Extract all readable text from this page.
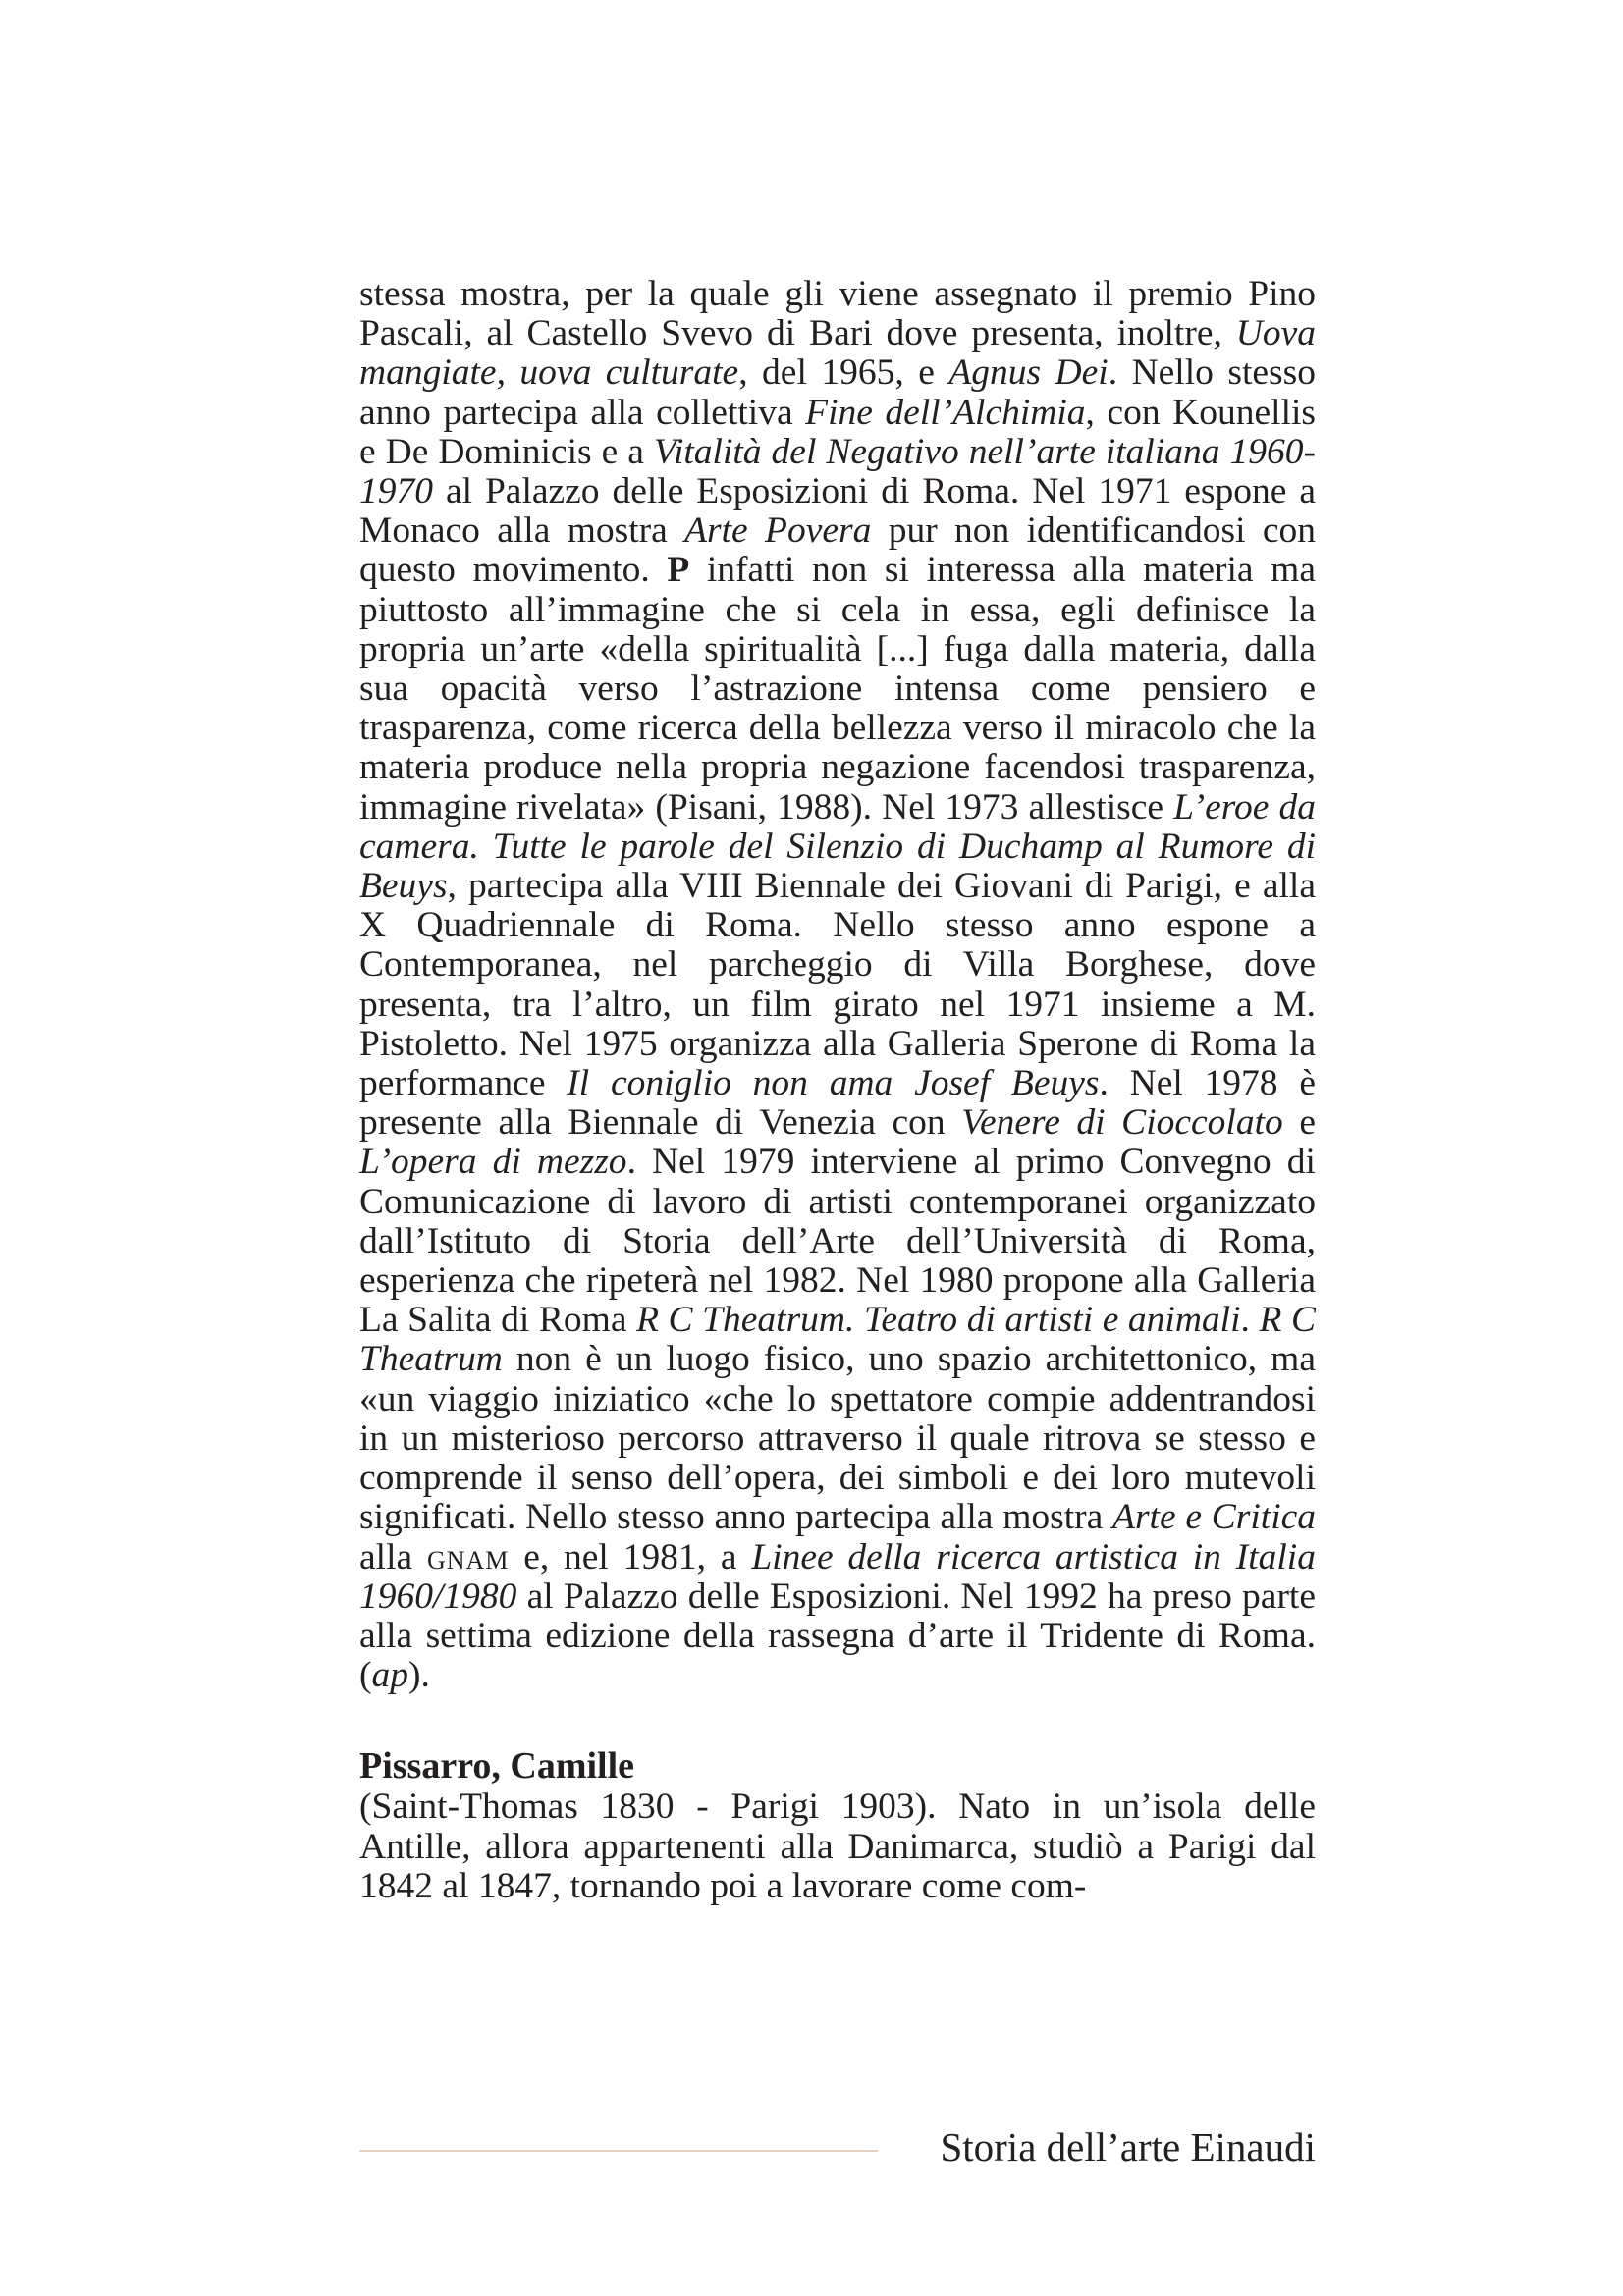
stessa mostra, per la quale gli viene assegnato il premio Pino Pascali, al Castello Svevo di Bari dove presenta, inoltre, Uova mangiate, uova culturate, del 1965, e Agnus Dei. Nello stesso anno partecipa alla collettiva Fine dell’Alchimia, con Kounellis e De Dominicis e a Vitalità del Negativo nell’arte italiana 1960-1970 al Palazzo delle Esposizioni di Roma. Nel 1971 espone a Monaco alla mostra Arte Povera pur non identificandosi con questo movimento. P infatti non si interessa alla materia ma piuttosto all’immagine che si cela in essa, egli definisce la propria un’arte «della spiritualità [...] fuga dalla materia, dalla sua opacità verso l’astrazione intensa come pensiero e trasparenza, come ricerca della bellezza verso il miracolo che la materia produce nella propria negazione facendosi trasparenza, immagine rivelata» (Pisani, 1988). Nel 1973 allestisce L’eroe da camera. Tutte le parole del Silenzio di Duchamp al Rumore di Beuys, partecipa alla VIII Biennale dei Giovani di Parigi, e alla X Quadriennale di Roma. Nello stesso anno espone a Contemporanea, nel parcheggio di Villa Borghese, dove presenta, tra l’altro, un film girato nel 1971 insieme a M. Pistoletto. Nel 1975 organizza alla Galleria Sperone di Roma la performance Il coniglio non ama Josef Beuys. Nel 1978 è presente alla Biennale di Venezia con Venere di Cioccolato e L’opera di mezzo. Nel 1979 interviene al primo Convegno di Comunicazione di lavoro di artisti contemporanei organizzato dall’Istituto di Storia dell’Arte dell’Università di Roma, esperienza che ripeterà nel 1982. Nel 1980 propone alla Galleria La Salita di Roma R C Theatrum. Teatro di artisti e animali. R C Theatrum non è un luogo fisico, uno spazio architettonico, ma «un viaggio iniziatico «che lo spettatore compie addentrandosi in un misterioso percorso attraverso il quale ritrova se stesso e comprende il senso dell’opera, dei simboli e dei loro mutevoli significati. Nello stesso anno partecipa alla mostra Arte e Critica alla gnam e, nel 1981, a Linee della ricerca artistica in Italia 1960/1980 al Palazzo delle Esposizioni. Nel 1992 ha preso parte alla settima edizione della rassegna d’arte il Tridente di Roma. (ap).

Pissarro, Camille

(Saint-Thomas 1830 - Parigi 1903). Nato in un’isola delle Antille, allora appartenenti alla Danimarca, studiò a Parigi dal 1842 al 1847, tornando poi a lavorare come com-

Storia dell’arte Einaudi
